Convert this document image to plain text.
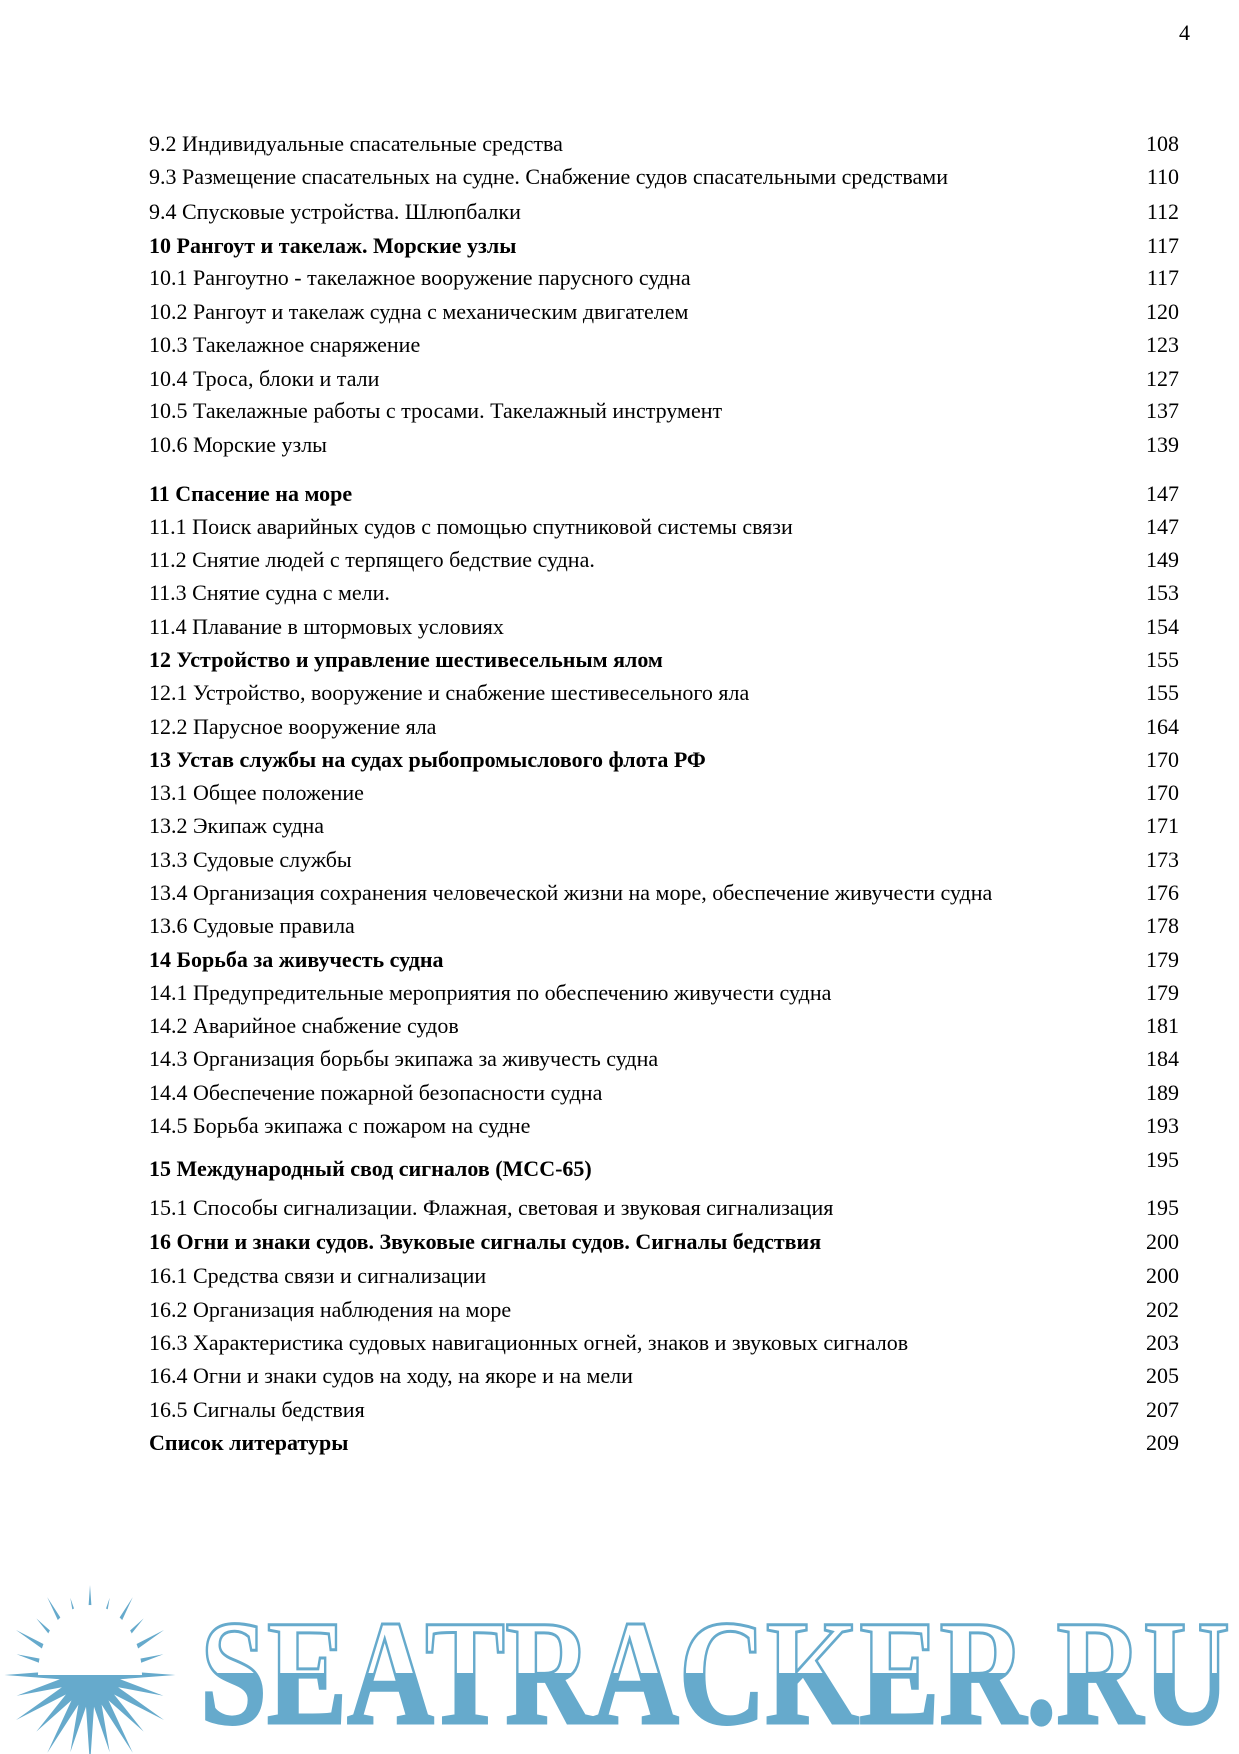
4
9.2 Индивидуальные спасательные средства	108
9.3 Размещение спасательных на судне. Снабжение судов спасательными средствами	110
9.4 Спусковые устройства. Шлюпбалки	112
10 Рангоут и такелаж. Морские узлы	117
10.1 Рангоутно - такелажное вооружение парусного судна	117
10.2 Рангоут и такелаж судна с механическим двигателем	120
10.3 Такелажное снаряжение	123
10.4 Троса, блоки и тали	127
10.5 Такелажные работы с тросами. Такелажный инструмент	137
10.6 Морские узлы	139
11 Спасение на море	147
11.1 Поиск аварийных судов с помощью спутниковой системы связи	147
11.2 Снятие людей с терпящего бедствие судна.	149
11.3 Снятие судна с мели.	153
11.4 Плавание в штормовых условиях	154
12 Устройство и управление шестивесельным ялом	155
12.1 Устройство, вооружение и снабжение шестивесельного яла	155
12.2 Парусное вооружение яла	164
13 Устав службы на судах рыбопромыслового флота РФ	170
13.1 Общее положение	170
13.2 Экипаж судна	171
13.3 Судовые службы	173
13.4 Организация сохранения человеческой жизни на море, обеспечение живучести судна	176
13.6 Судовые правила	178
14 Борьба за живучесть судна	179
14.1 Предупредительные мероприятия по обеспечению живучести судна	179
14.2 Аварийное снабжение судов	181
14.3 Организация борьбы экипажа за живучесть судна	184
14.4 Обеспечение пожарной безопасности судна	189
14.5 Борьба экипажа с пожаром на судне	193
15 Международный свод сигналов (МСС-65)	195
15.1 Способы сигнализации. Флажная, световая и звуковая сигнализация	195
16 Огни и знаки судов. Звуковые сигналы судов. Сигналы бедствия	200
16.1 Средства связи и сигнализации	200
16.2 Организация наблюдения на море	202
16.3 Характеристика судовых навигационных огней, знаков и звуковых сигналов	203
16.4 Огни и знаки судов на ходу, на якоре и на мели	205
16.5 Сигналы бедствия	207
Список литературы	209
SEATRACKER.RU
